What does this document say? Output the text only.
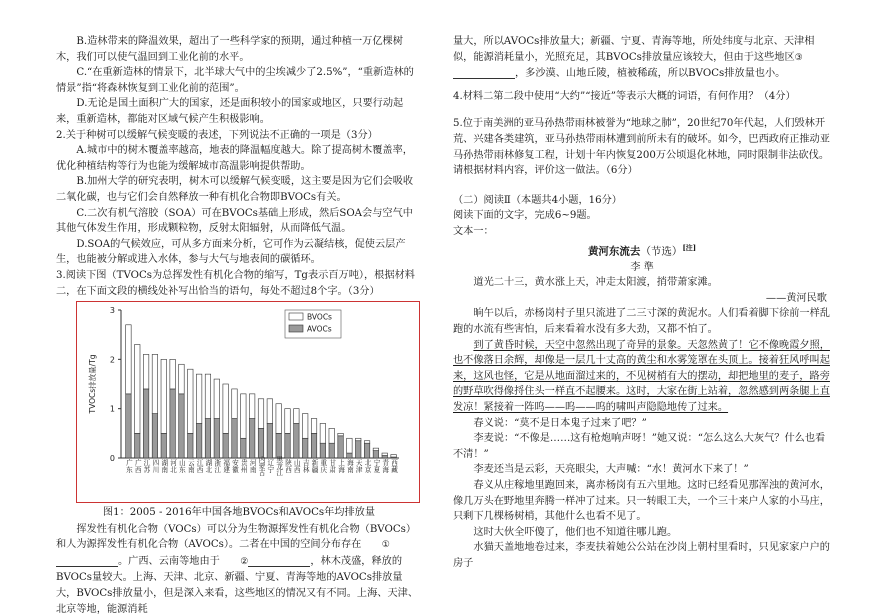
B.造林带来的降温效果，超出了一些科学家的预期，通过种植一万亿棵树木，我们可以使气温回到工业化前的水平。

C.“在重新造林的情景下，北半球大气中的尘埃减少了2.5%”，“重新造林的情景”指“将森林恢复到工业化前的范围”。

D.无论是国土面积广大的国家，还是面积较小的国家或地区，只要行动起来，重新造林，都能对区域气候产生积极影响。

2.关于种树可以缓解气候变暖的表述，下列说法不正确的一项是（3分）

A.城市中的树木覆盖率越高，地表的降温幅度越大。除了提高树木覆盖率，优化种植结构等行为也能为缓解城市高温影响提供帮助。

B.加州大学的研究表明，树木可以缓解气候变暖，这主要是因为它们会吸收二氧化碳，也与它们会自然释放一种有机化合物即BVOCs有关。

C.二次有机气溶胶（SOA）可在BVOCs基础上形成，然后SOA会与空气中其他气体发生作用，形成颗粒物，反射太阳辐射，从而降低气温。

D.SOA的气候效应，可从多方面来分析，它可作为云凝结核，促使云层产生，也能被分解或进入水体，参与大气与地表间的碳循环。

3.阅读下图（TVOCs为总挥发性有机化合物的缩写，Tg表示百万吨），根据材料二，在下面文段的横线处补写出恰当的语句，每处不超过8个字。（3分）

0
1
2
3
TVOCs排放量/Tg
广东 广西 江苏 四川 湖南 河北 山东 云南 江西 湖北 浙江 福建 安徽 贵州 河南 内蒙古 辽宁 黑龙江 陕西 山西 吉林 新疆 重庆 甘肃 上海 海南 天津 北京 宁夏 青海 西藏
BVOCs
AVOCs

图1：2005 - 2016年中国各地BVOCs和AVOCs年均排放量

挥发性有机化合物（VOCs）可以分为生物源挥发性有机化合物（BVOCs）和人为源挥发性有机化合物（AVOCs）。二者在中国的空间分布存在 ①。广西、云南等地由于 ②	，林木茂盛，释放的BVOCs量较大。上海、天津、北京、新疆、宁夏、青海等地的AVOCs排放量大，BVOCs排放量小，但是深入来看，这些地区的情况又有不同。上海、天津、北京等地，能源消耗

量大，所以AVOCs排放量大；新疆、宁夏、青海等地，所处纬度与北京、天津相似，能源消耗量小，光照充足，其BVOCs排放量应该较大，但由于这些地区③，多沙漠、山地丘陵，植被稀疏，所以BVOCs排放量也小。

4.材料二第二段中使用“大约”“接近”等表示大概的词语，有何作用？（4分）

5.位于南美洲的亚马孙热带雨林被誉为“地球之肺”，20世纪70年代起，人们毁林开荒、兴建各类建筑，亚马孙热带雨林遭到前所未有的破坏。如今，巴西政府正推动亚马孙热带雨林修复工程，计划十年内恢复200万公顷退化林地，同时限制非法砍伐。请根据材料内容，评价这一做法。（6分）

（二）阅读Ⅱ（本题共4小题，16分）

阅读下面的文字，完成6~9题。

文本一：

黄河东流去（节选）[注]

李 準

道光二十三，黄水涨上天，冲走太阳渡，捎带萧家滩。

——黄河民歌

晌午以后，赤杨岗村子里只流进了二三寸深的黄泥水。人们看着脚下徐前一样乱跑的水流有些害怕，后来看着水没有多大劲，又都不怕了。

到了黄昏时候，天空中忽然出现了奇异的景象。天忽然黄了！它不像晚霞夕照，也不像落日余辉，却像是一层几十丈高的黄尘和水雾笼罩在头顶上。接着狂风呼叫起来，这风也怪，它是从地面溜过来的，不见树梢有大的摆动，却把地里的麦子，路旁的野草吹得像捋住头一样直不起腰来。这时，大家在街上站着，忽然感到两条腿上直发凉！紧接着一阵呜——呜——呜的啸叫声隐隐地传了过来。

春义说：“莫不是日本鬼子过来了吧？”

李麦说：“不像是……这有枪炮响声呀！”她又说：“怎么这么大灰气？什么也看不清！”

李麦还当是云彩，天亮眼尖，大声喊：“水！黄河水下来了！”

春义从庄稼地里跑回来，离赤杨岗有五六里地。这时已经看见那浑浊的黄河水，像几万头在野地里奔腾一样冲了过来。只一转眼工夫，一个三十来户人家的小马庄，只剩下几棵杨树梢，其他什么也看不见了。

这时大伙全吓傻了，他们也不知道往哪儿跑。

水猫天盖地地卷过来，李麦扶着她公公站在沙岗上朝村里看时，只见家家户户的房子
